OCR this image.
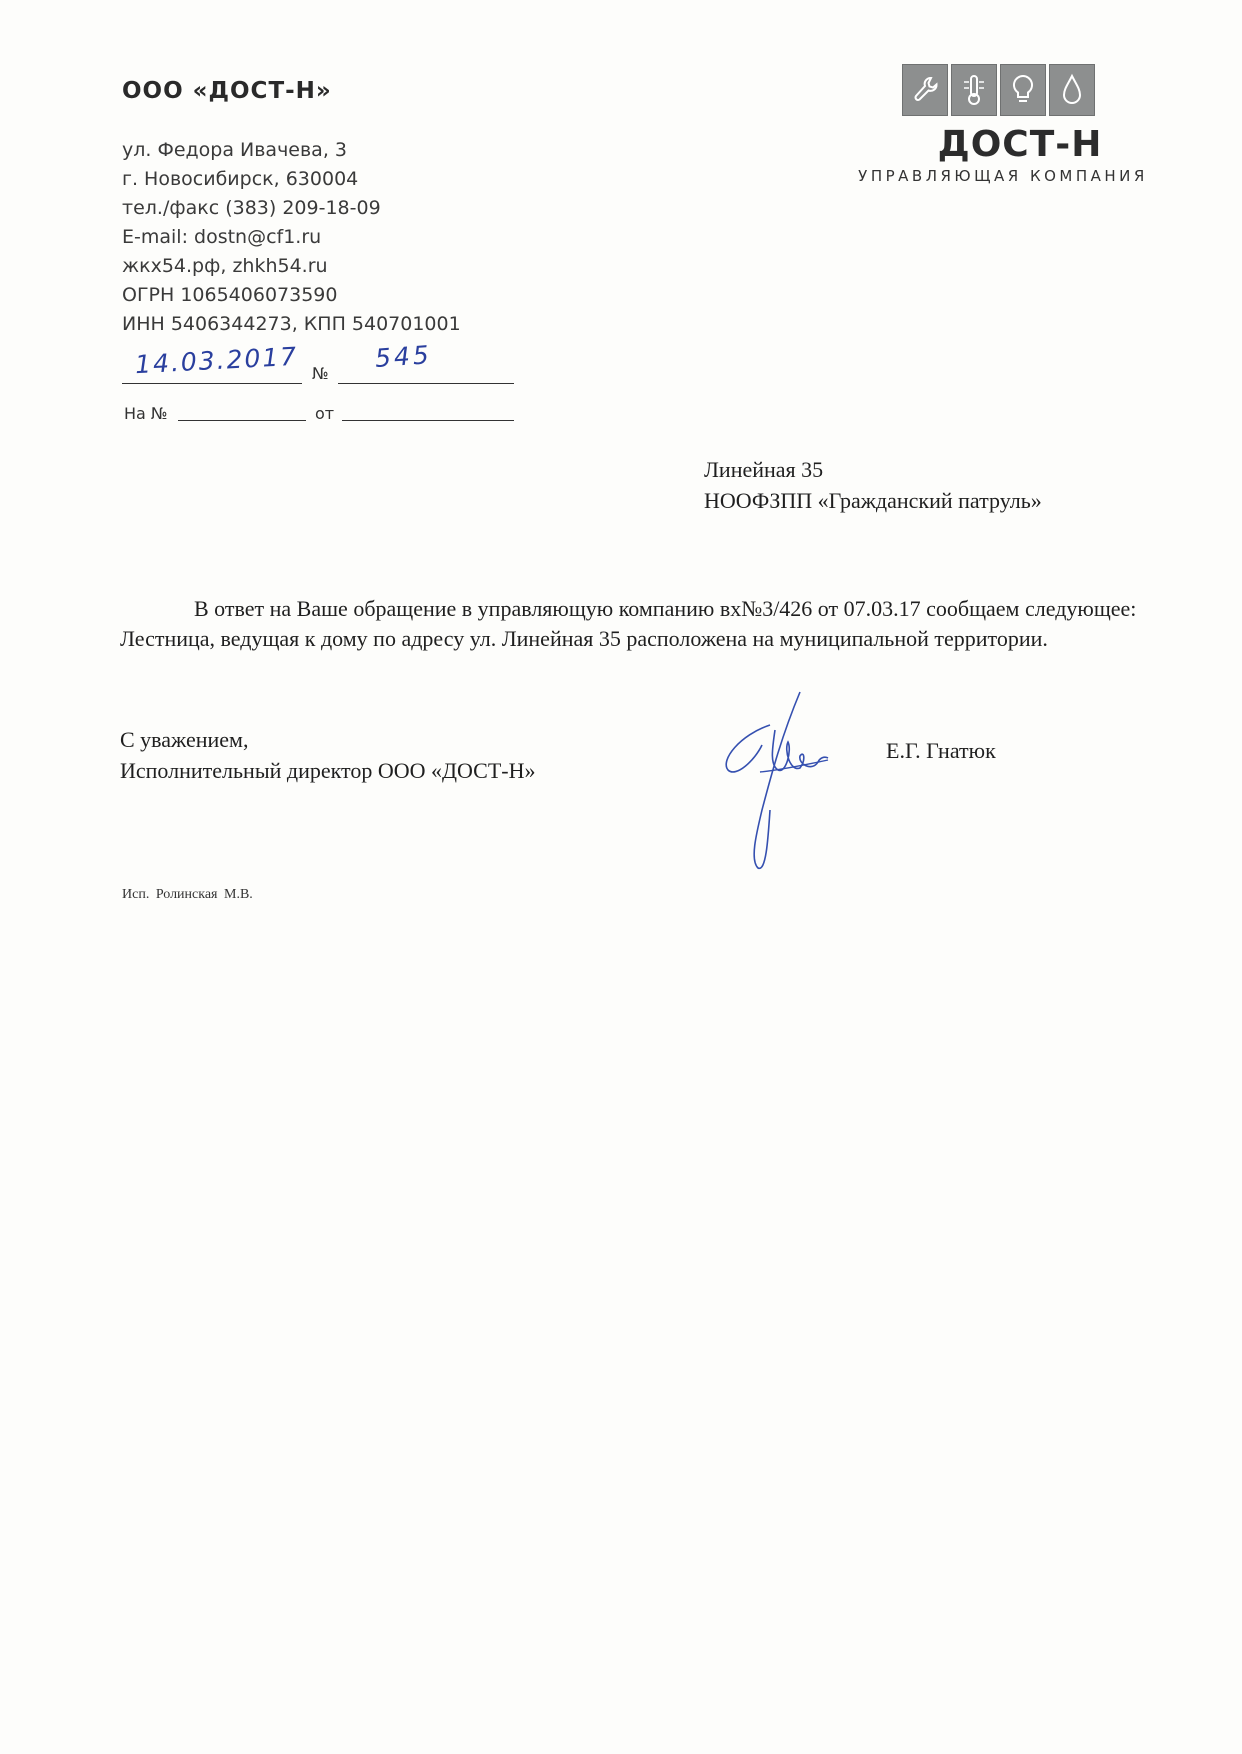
ООО «ДОСТ-Н»
ул. Федора Ивачева, 3
г. Новосибирск, 630004
тел./факс (383) 209-18-09
E-mail: dostn@cf1.ru
жкх54.рф, zhkh54.ru
ОГРН 1065406073590
ИНН 5406344273, КПП 540701001
ДОСТ-Н
УПРАВЛЯЮЩАЯ КОМПАНИЯ
14.03.2017 №
545
На №	от
Линейная 35
НООФЗПП «Гражданский патруль»
В ответ на Ваше обращение в управляющую компанию вх№3/426 от 07.03.17 сообщаем следующее:
Лестница, ведущая к дому по адресу ул. Линейная 35 расположена на муниципальной территории.
С уважением,
Исполнительный директор ООО «ДОСТ-Н»
Е.Г. Гнатюк
Исп. Ролинская М.В.
